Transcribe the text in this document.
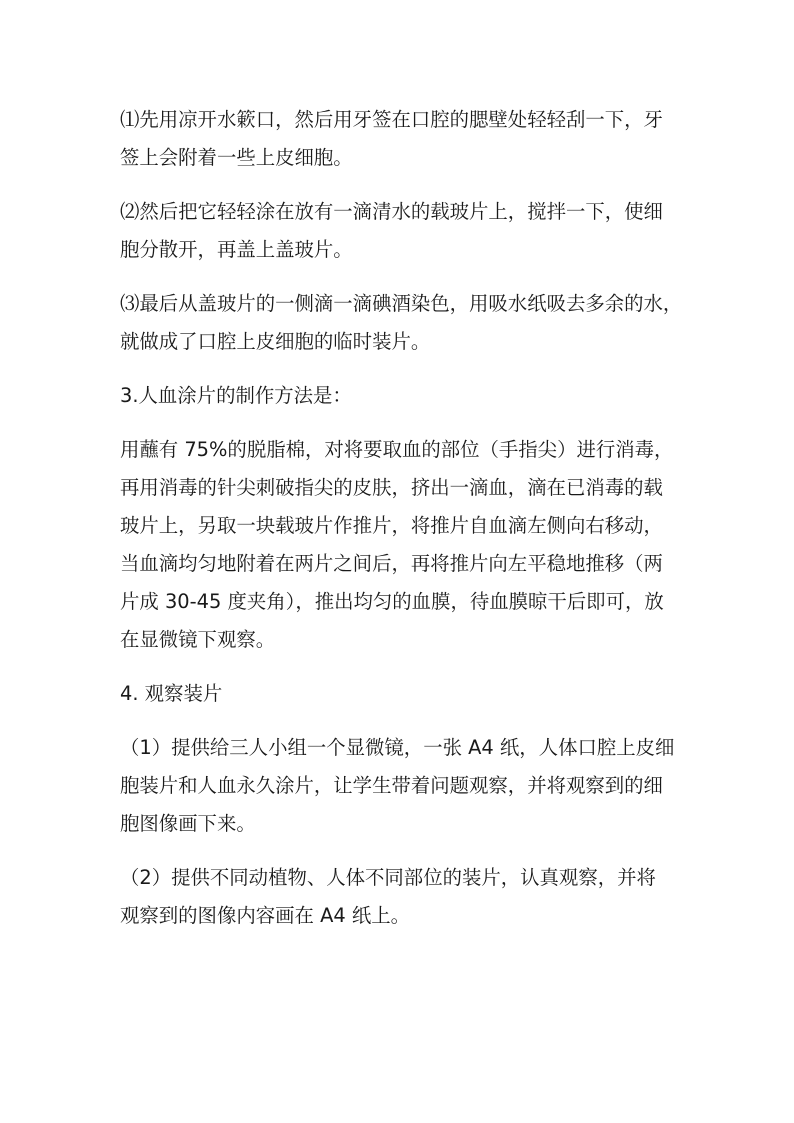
⑴先用凉开水簌口，然后用牙签在口腔的腮壁处轻轻刮一下，牙
签上会附着一些上皮细胞。

⑵然后把它轻轻涂在放有一滴清水的载玻片上，搅拌一下，使细
胞分散开，再盖上盖玻片。

⑶最后从盖玻片的一侧滴一滴碘酒染色，用吸水纸吸去多余的水，
就做成了口腔上皮细胞的临时装片。

3.人血涂片的制作方法是：

用蘸有 75%的脱脂棉，对将要取血的部位（手指尖）进行消毒，
再用消毒的针尖刺破指尖的皮肤，挤出一滴血，滴在已消毒的载
玻片上，另取一块载玻片作推片，将推片自血滴左侧向右移动，
当血滴均匀地附着在两片之间后，再将推片向左平稳地推移（两
片成 30-45 度夹角），推出均匀的血膜，待血膜晾干后即可，放
在显微镜下观察。

4. 观察装片

（1）提供给三人小组一个显微镜，一张 A4 纸，人体口腔上皮细
胞装片和人血永久涂片，让学生带着问题观察，并将观察到的细
胞图像画下来。

（2）提供不同动植物、人体不同部位的装片，认真观察，并将
观察到的图像内容画在 A4 纸上。
